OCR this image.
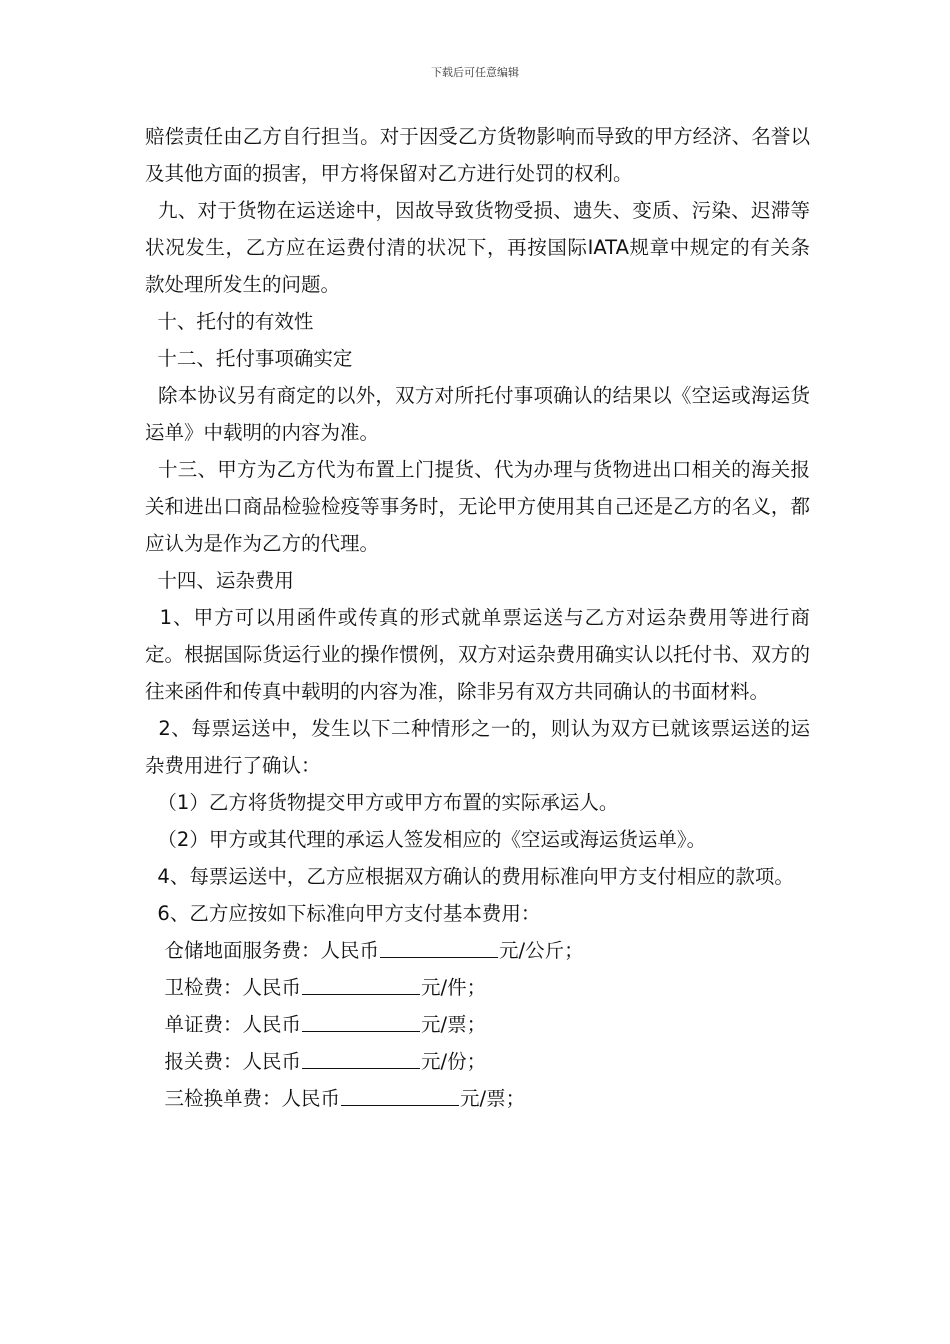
下载后可任意编辑

赔偿责任由乙方自行担当。对于因受乙方货物影响而导致的甲方经济、名誉以及其他方面的损害，甲方将保留对乙方进行处罚的权利。

九、对于货物在运送途中，因故导致货物受损、遗失、变质、污染、迟滞等状况发生，乙方应在运费付清的状况下，再按国际IATA规章中规定的有关条款处理所发生的问题。

十、托付的有效性

十二、托付事项确实定

除本协议另有商定的以外，双方对所托付事项确认的结果以《空运或海运货运单》中载明的内容为准。

十三、甲方为乙方代为布置上门提货、代为办理与货物进出口相关的海关报关和进出口商品检验检疫等事务时，无论甲方使用其自己还是乙方的名义，都应认为是作为乙方的代理。

十四、运杂费用

1、甲方可以用函件或传真的形式就单票运送与乙方对运杂费用等进行商定。根据国际货运行业的操作惯例，双方对运杂费用确实认以托付书、双方的往来函件和传真中载明的内容为准，除非另有双方共同确认的书面材料。

2、每票运送中，发生以下二种情形之一的，则认为双方已就该票运送的运杂费用进行了确认：

（1）乙方将货物提交甲方或甲方布置的实际承运人。

（2）甲方或其代理的承运人签发相应的《空运或海运货运单》。

4、每票运送中，乙方应根据双方确认的费用标准向甲方支付相应的款项。

6、乙方应按如下标准向甲方支付基本费用：

仓储地面服务费：人民币	元/公斤；

卫检费：人民币	元/件；

单证费：人民币	元/票；

报关费：人民币	元/份；

三检换单费：人民币	元/票；
